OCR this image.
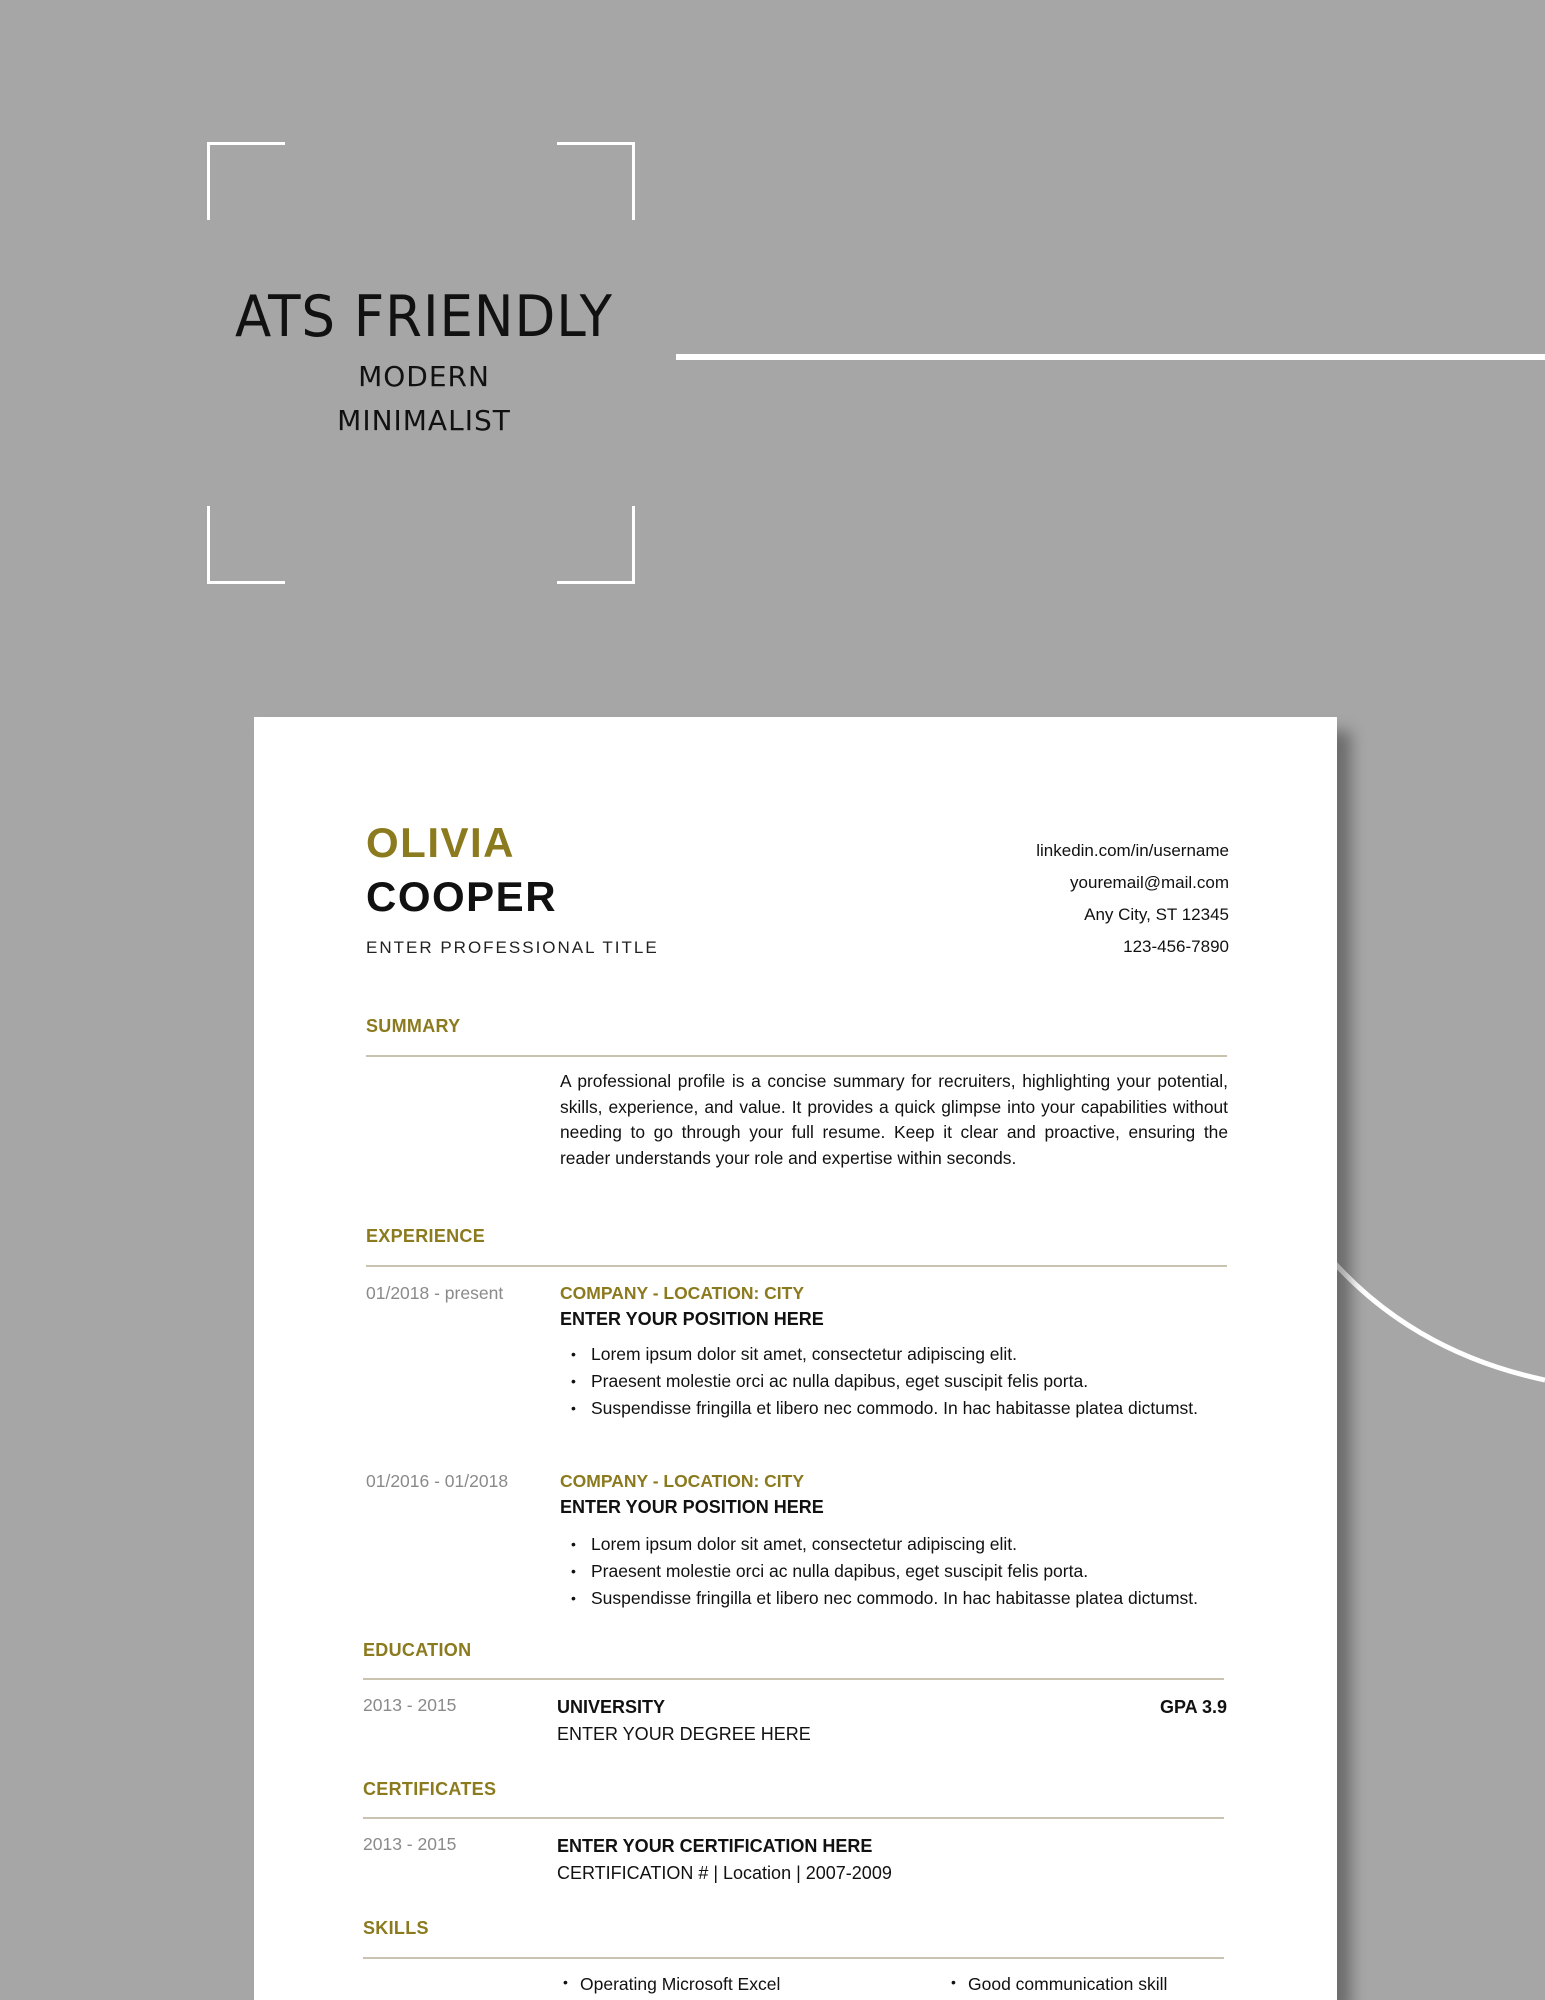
ATS FRIENDLY
MODERN
MINIMALIST
OLIVIA
COOPER
ENTER PROFESSIONAL TITLE
linkedin.com/in/username
youremail@mail.com
Any City, ST 12345
123-456-7890
SUMMARY

A professional profile is a concise summary for recruiters, highlighting your potential, skills, experience, and value. It provides a quick glimpse into your capabilities without needing to go through your full resume. Keep it clear and proactive, ensuring the reader understands your role and expertise within seconds.

EXPERIENCE
01/2018 - present	COMPANY - LOCATION: CITY
ENTER YOUR POSITION HERE
• Lorem ipsum dolor sit amet, consectetur adipiscing elit.
• Praesent molestie orci ac nulla dapibus, eget suscipit felis porta.
• Suspendisse fringilla et libero nec commodo. In hac habitasse platea dictumst.
01/2016 - 01/2018	COMPANY - LOCATION: CITY
ENTER YOUR POSITION HERE
• Lorem ipsum dolor sit amet, consectetur adipiscing elit.
• Praesent molestie orci ac nulla dapibus, eget suscipit felis porta.
• Suspendisse fringilla et libero nec commodo. In hac habitasse platea dictumst.
EDUCATION
2013 - 2015	UNIVERSITY	GPA 3.9
ENTER YOUR DEGREE HERE
CERTIFICATES
2013 - 2015	ENTER YOUR CERTIFICATION HERE
CERTIFICATION # | Location | 2007-2009
SKILLS
• Operating Microsoft Excel
•	Good communication skill
